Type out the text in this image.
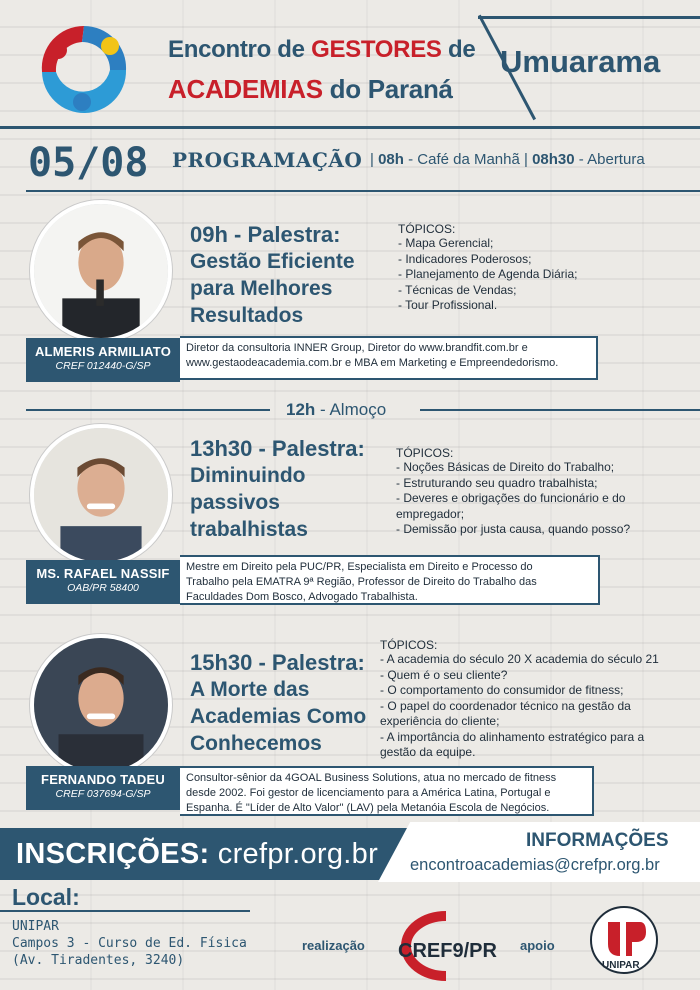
Encontro de GESTORES de
ACADEMIAS do Paraná
Umuarama
05/08 PROGRAMAÇÃO | 08h - Café da Manhã | 08h30 - Abertura
09h - Palestra:
Gestão Eficiente
para Melhores
Resultados
TÓPICOS:
- Mapa Gerencial;
- Indicadores Poderosos;
- Planejamento de Agenda Diária;
- Técnicas de Vendas;
- Tour Profissional.
ALMERIS ARMILIATO
CREF 012440-G/SP
Diretor da consultoria INNER Group, Diretor do www.brandfit.com.br e
www.gestaodeacademia.com.br e MBA em Marketing e Empreendedorismo.
12h - Almoço
13h30 - Palestra:
Diminuindo
passivos
trabalhistas
TÓPICOS:
- Noções Básicas de Direito do Trabalho;
- Estruturando seu quadro trabalhista;
- Deveres e obrigações do funcionário e do
empregador;
- Demissão por justa causa, quando posso?
MS. RAFAEL NASSIF
OAB/PR 58400
Mestre em Direito pela PUC/PR, Especialista em Direito e Processo do
Trabalho pela EMATRA 9ª Região, Professor de Direito do Trabalho das
Faculdades Dom Bosco, Advogado Trabalhista.
15h30 - Palestra:
A Morte das
Academias Como
Conhecemos
TÓPICOS:
- A academia do século 20 X academia do século 21
- Quem é o seu cliente?
- O comportamento do consumidor de fitness;
- O papel do coordenador técnico na gestão da
experiência do cliente;
- A importância do alinhamento estratégico para a
gestão da equipe.
FERNANDO TADEU
CREF 037694-G/SP
Consultor-sênior da 4GOAL Business Solutions, atua no mercado de fitness
desde 2002. Foi gestor de licenciamento para a América Latina, Portugal e
Espanha. É "Líder de Alto Valor" (LAV) pela Metanóia Escola de Negócios.
INSCRIÇÕES: crefpr.org.br	INFORMAÇÕES
encontroacademias@crefpr.org.br
Local:
UNIPAR
Campos 3 - Curso de Ed. Física
(Av. Tiradentes, 3240)
realização CREF9/PR apoio
UNIPAR
